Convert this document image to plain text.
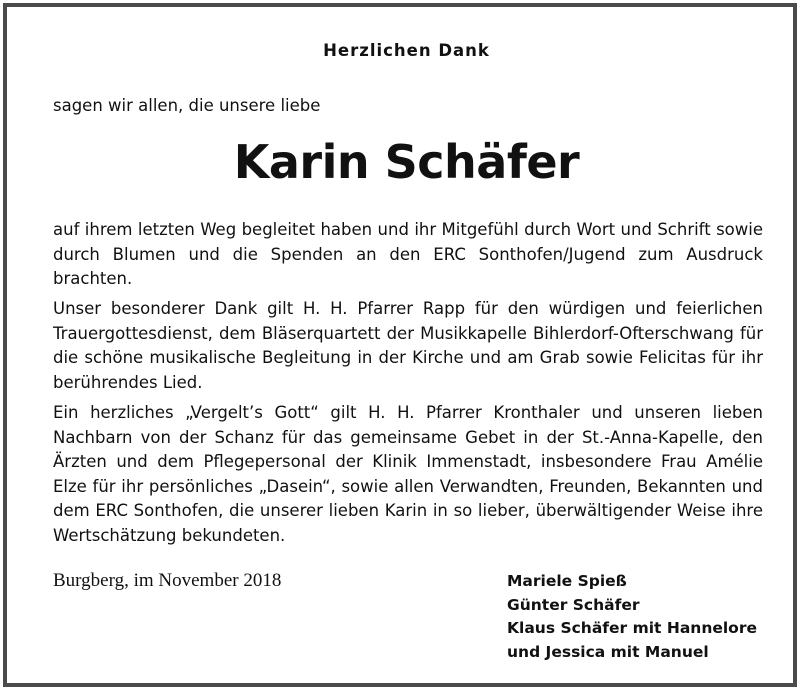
Herzlichen Dank
sagen wir allen, die unsere liebe
Karin Schäfer
auf ihrem letzten Weg begleitet haben und ihr Mitgefühl durch Wort und Schrift sowie durch Blumen und die Spenden an den ERC Sonthofen/Jugend zum Ausdruck brachten.
Unser besonderer Dank gilt H. H. Pfarrer Rapp für den würdigen und feierlichen Trauergottesdienst, dem Bläserquartett der Musikkapelle Bihlerdorf-Ofterschwang für die schöne musikalische Begleitung in der Kirche und am Grab sowie Felicitas für ihr berührendes Lied.
Ein herzliches „Vergelt’s Gott“ gilt H. H. Pfarrer Kronthaler und unseren lieben Nachbarn von der Schanz für das gemeinsame Gebet in der St.-Anna-Kapelle, den Ärzten und dem Pflegepersonal der Klinik Immenstadt, insbesondere Frau Amélie Elze für ihr persönliches „Dasein“, sowie allen Verwandten, Freunden, Bekannten und dem ERC Sonthofen, die unserer lieben Karin in so lieber, überwältigender Weise ihre Wertschätzung bekundeten.
Burgberg, im November 2018	Mariele Spieß
Günter Schäfer
Klaus Schäfer mit Hannelore
und Jessica mit Manuel
